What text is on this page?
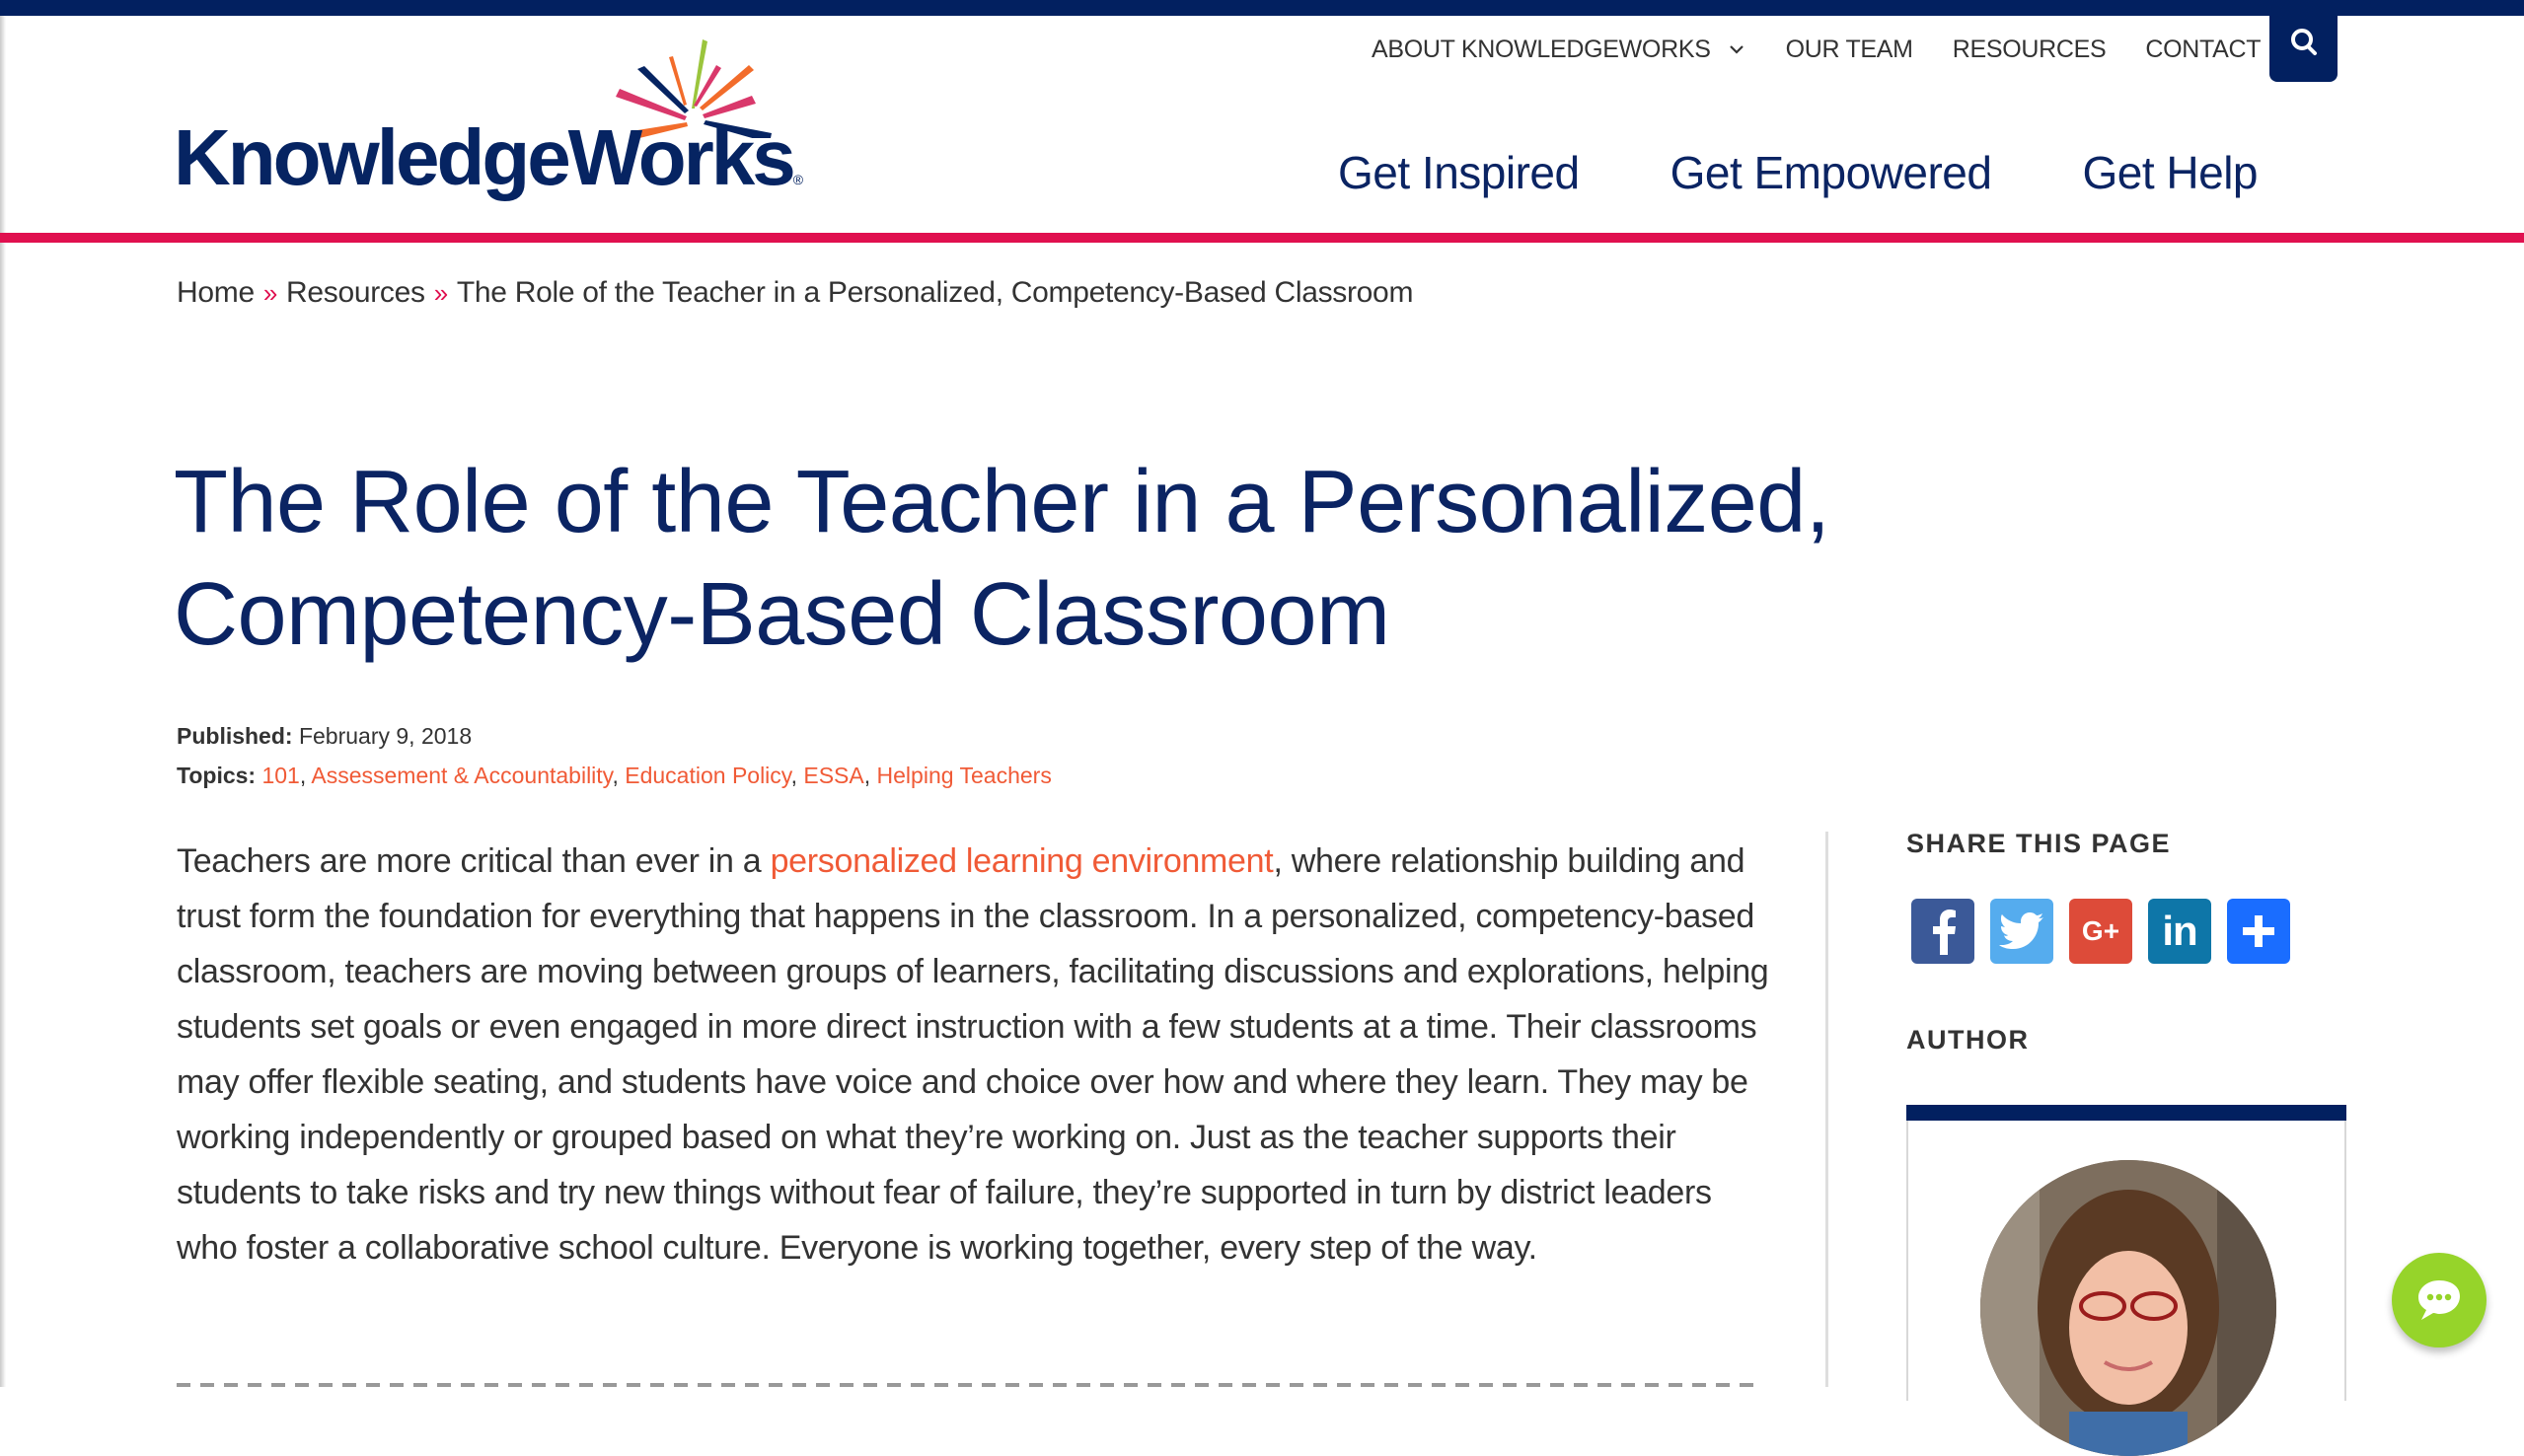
KnowledgeWorks®
ABOUT KNOWLEDGEWORKS	OUR TEAM RESOURCES CONTACT
Get Inspired Get Empowered Get Help
Home » Resources » The Role of the Teacher in a Personalized, Competency-Based Classroom
The Role of the Teacher in a Personalized, Competency-Based Classroom
Published: February 9, 2018
Topics: 101, Assessement & Accountability, Education Policy, ESSA, Helping Teachers

Teachers are more critical than ever in a personalized learning environment, where relationship building and trust form the foundation for everything that happens in the classroom. In a personalized, competency-based classroom, teachers are moving between groups of learners, facilitating discussions and explorations, helping students set goals or even engaged in more direct instruction with a few students at a time. Their classrooms may offer flexible seating, and students have voice and choice over how and where they learn. They may be working independently or grouped based on what they’re working on. Just as the teacher supports their students to take risks and try new things without fear of failure, they’re supported in turn by district leaders who foster a collaborative school culture. Everyone is working together, every step of the way.

SHARE THIS PAGE
G+ in
AUTHOR
